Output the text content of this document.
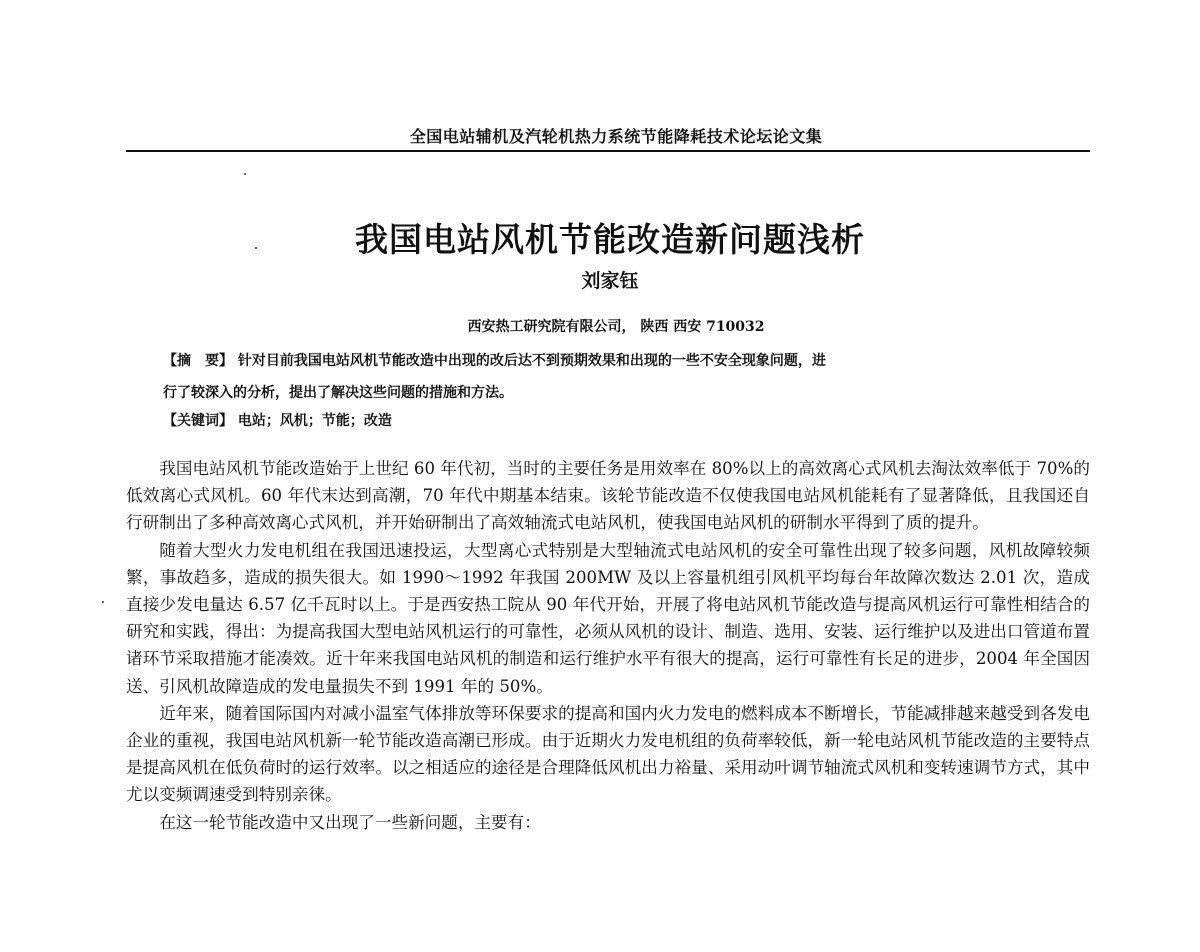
全国电站辅机及汽轮机热力系统节能降耗技术论坛论文集
我国电站风机节能改造新问题浅析
刘家钰
西安热工研究院有限公司， 陕西 西安 710032
【摘　要】 针对目前我国电站风机节能改造中出现的改后达不到预期效果和出现的一些不安全现象问题，进
行了较深入的分析，提出了解决这些问题的措施和方法。
【关键词】 电站；风机；节能；改造

我国电站风机节能改造始于上世纪 60 年代初，当时的主要任务是用效率在 80%以上的高效离心式风机去淘汰效率低于 70%的低效离心式风机。60 年代末达到高潮，70 年代中期基本结束。该轮节能改造不仅使我国电站风机能耗有了显著降低，且我国还自行研制出了多种高效离心式风机，并开始研制出了高效轴流式电站风机，使我国电站风机的研制水平得到了质的提升。

随着大型火力发电机组在我国迅速投运，大型离心式特别是大型轴流式电站风机的安全可靠性出现了较多问题，风机故障较频繁，事故趋多，造成的损失很大。如 1990～1992 年我国 200MW 及以上容量机组引风机平均每台年故障次数达 2.01 次，造成直接少发电量达 6.57 亿千瓦时以上。于是西安热工院从 90 年代开始，开展了将电站风机节能改造与提高风机运行可靠性相结合的研究和实践，得出：为提高我国大型电站风机运行的可靠性，必须从风机的设计、制造、选用、安装、运行维护以及进出口管道布置诸环节采取措施才能凑效。近十年来我国电站风机的制造和运行维护水平有很大的提高，运行可靠性有长足的进步，2004 年全国因送、引风机故障造成的发电量损失不到 1991 年的 50%。

近年来，随着国际国内对减小温室气体排放等环保要求的提高和国内火力发电的燃料成本不断增长，节能减排越来越受到各发电企业的重视，我国电站风机新一轮节能改造高潮已形成。由于近期火力发电机组的负荷率较低，新一轮电站风机节能改造的主要特点是提高风机在低负荷时的运行效率。以之相适应的途径是合理降低风机出力裕量、采用动叶调节轴流式风机和变转速调节方式，其中尤以变频调速受到特别亲徕。

在这一轮节能改造中又出现了一些新问题，主要有：
